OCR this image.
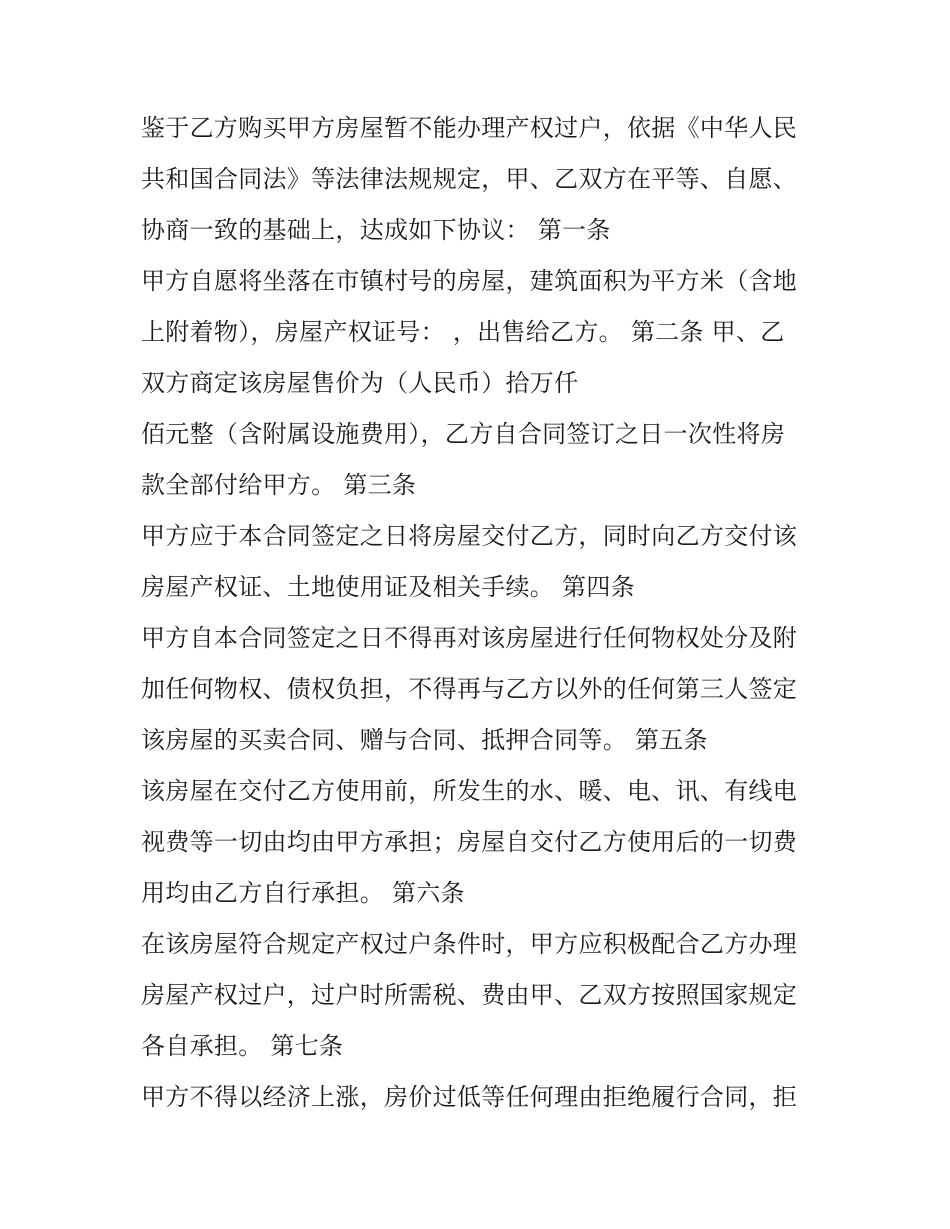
鉴于乙方购买甲方房屋暂不能办理产权过户，依据《中华人民
共和国合同法》等法律法规规定，甲、乙双方在平等、自愿、
协商一致的基础上，达成如下协议： 第一条
甲方自愿将坐落在市镇村号的房屋，建筑面积为平方米（含地
上附着物），房屋产权证号： ，出售给乙方。 第二条 甲、乙
双方商定该房屋售价为（人民币）拾万仟
佰元整（含附属设施费用），乙方自合同签订之日一次性将房
款全部付给甲方。 第三条
甲方应于本合同签定之日将房屋交付乙方，同时向乙方交付该
房屋产权证、土地使用证及相关手续。 第四条
甲方自本合同签定之日不得再对该房屋进行任何物权处分及附
加任何物权、债权负担，不得再与乙方以外的任何第三人签定
该房屋的买卖合同、赠与合同、抵押合同等。 第五条
该房屋在交付乙方使用前，所发生的水、暖、电、讯、有线电
视费等一切由均由甲方承担；房屋自交付乙方使用后的一切费
用均由乙方自行承担。 第六条
在该房屋符合规定产权过户条件时，甲方应积极配合乙方办理
房屋产权过户，过户时所需税、费由甲、乙双方按照国家规定
各自承担。 第七条
甲方不得以经济上涨，房价过低等任何理由拒绝履行合同，拒
